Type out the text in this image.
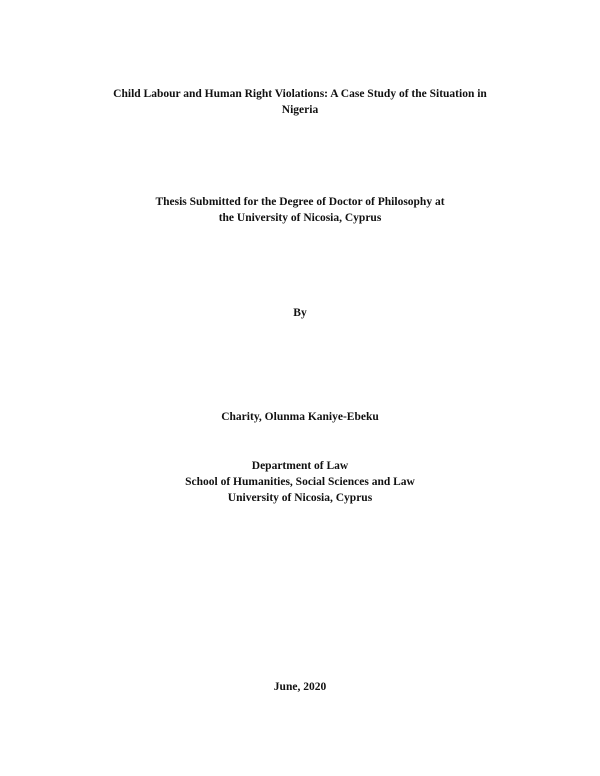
Child Labour and Human Right Violations: A Case Study of the Situation in
Nigeria
Thesis Submitted for the Degree of Doctor of Philosophy at
the University of Nicosia, Cyprus
By
Charity, Olunma Kaniye-Ebeku
Department of Law
School of Humanities, Social Sciences and Law
University of Nicosia, Cyprus
June, 2020
